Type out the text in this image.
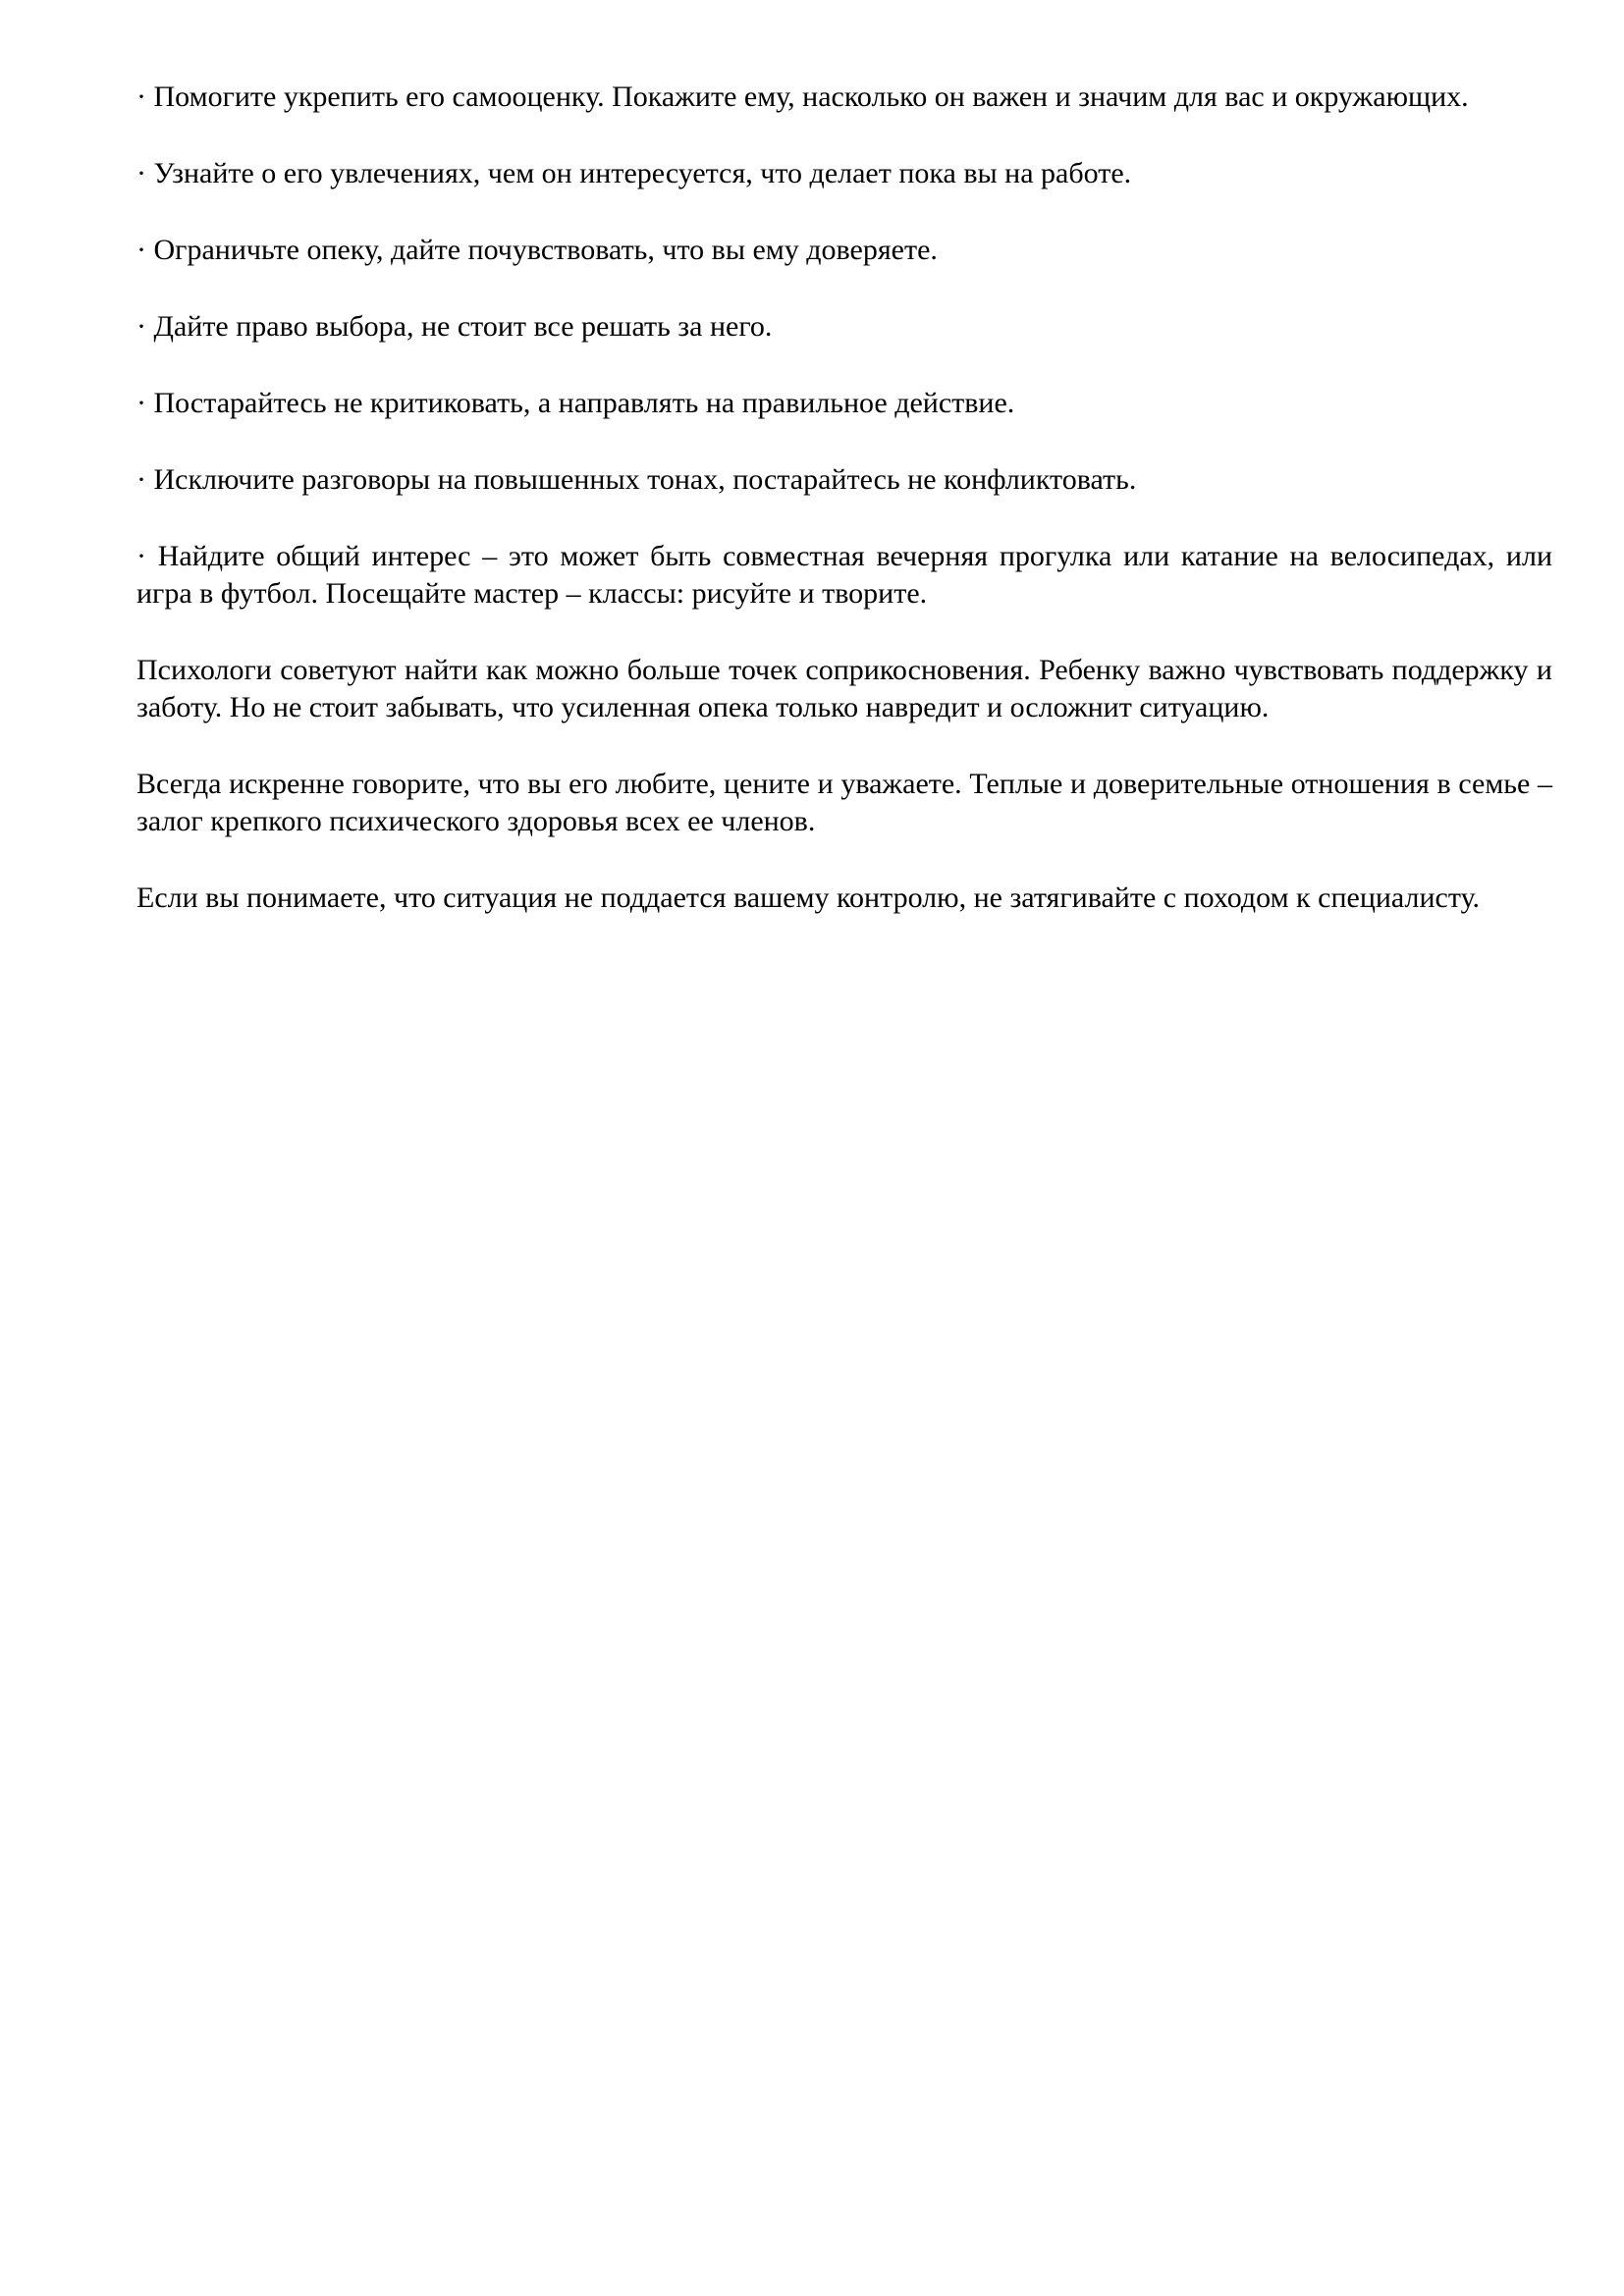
· Помогите укрепить его самооценку. Покажите ему, насколько он важен и значим для вас и окружающих.

· Узнайте о его увлечениях, чем он интересуется, что делает пока вы на работе.

· Ограничьте опеку, дайте почувствовать, что вы ему доверяете.

· Дайте право выбора, не стоит все решать за него.

· Постарайтесь не критиковать, а направлять на правильное действие.

· Исключите разговоры на повышенных тонах, постарайтесь не конфликтовать.

· Найдите общий интерес – это может быть совместная вечерняя прогулка или катание на велосипедах, или игра в футбол. Посещайте мастер – классы: рисуйте и творите.

Психологи советуют найти как можно больше точек соприкосновения. Ребенку важно чувствовать поддержку и заботу. Но не стоит забывать, что усиленная опека только навредит и осложнит ситуацию.

Всегда искренне говорите, что вы его любите, цените и уважаете. Теплые и доверительные отношения в семье – залог крепкого психического здоровья всех ее членов.

Если вы понимаете, что ситуация не поддается вашему контролю, не затягивайте с походом к специалисту.
